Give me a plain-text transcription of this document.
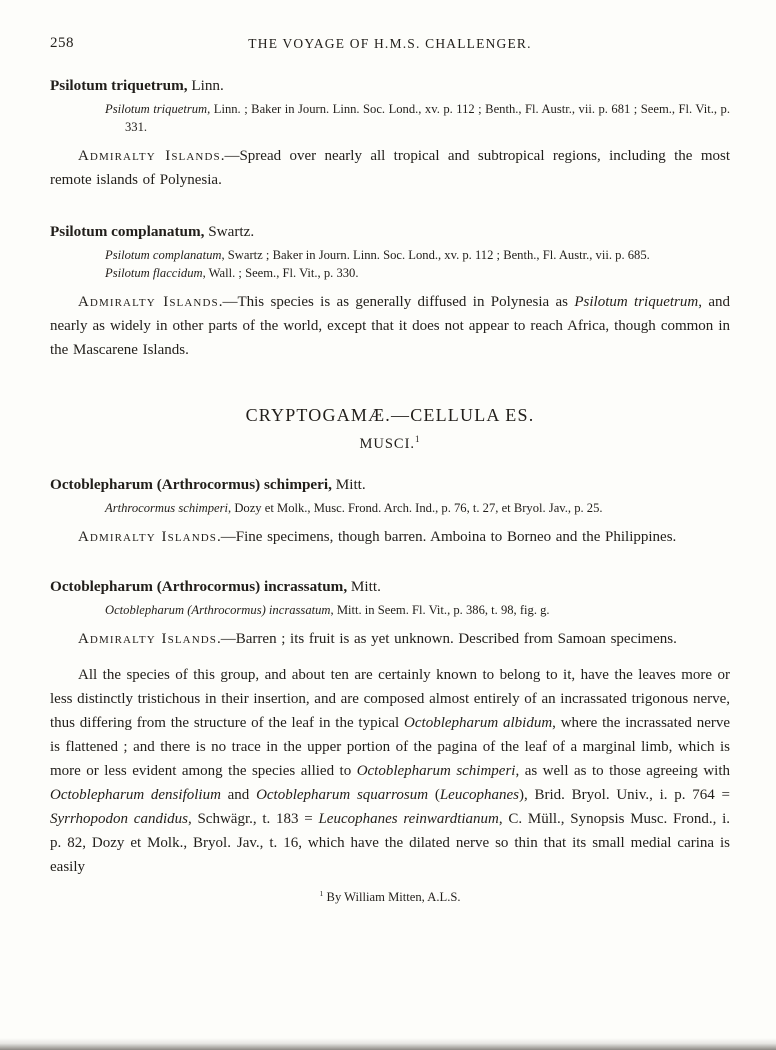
258	THE VOYAGE OF H.M.S. CHALLENGER.
Psilotum triquetrum, Linn.

Psilotum triquetrum, Linn. ; Baker in Journ. Linn. Soc. Lond., xv. p. 112 ; Benth., Fl. Austr., vii. p. 681 ; Seem., Fl. Vit., p. 331.

Admiralty Islands.—Spread over nearly all tropical and subtropical regions, including the most remote islands of Polynesia.

Psilotum complanatum, Swartz.

Psilotum complanatum, Swartz ; Baker in Journ. Linn. Soc. Lond., xv. p. 112 ; Benth., Fl. Austr., vii. p. 685.

Psilotum flaccidum, Wall. ; Seem., Fl. Vit., p. 330.

Admiralty Islands.—This species is as generally diffused in Polynesia as Psilotum triquetrum, and nearly as widely in other parts of the world, except that it does not appear to reach Africa, though common in the Mascarene Islands.

CRYPTOGAMÆ.—CELLULA ES.
MUSCI.$^1$
Octoblepharum (Arthrocormus) schimperi, Mitt.

Arthrocormus schimperi, Dozy et Molk., Musc. Frond. Arch. Ind., p. 76, t. 27, et Bryol. Jav., p. 25.

Admiralty Islands.—Fine specimens, though barren. Amboina to Borneo and the Philippines.

Octoblepharum (Arthrocormus) incrassatum, Mitt.

Octoblepharum (Arthrocormus) incrassatum, Mitt. in Seem. Fl. Vit., p. 386, t. 98, fig. g.

Admiralty Islands.—Barren ; its fruit is as yet unknown. Described from Samoan specimens.

All the species of this group, and about ten are certainly known to belong to it, have the leaves more or less distinctly tristichous in their insertion, and are composed almost entirely of an incrassated trigonous nerve, thus differing from the structure of the leaf in the typical Octoblepharum albidum, where the incrassated nerve is flattened ; and there is no trace in the upper portion of the pagina of the leaf of a marginal limb, which is more or less evident among the species allied to Octoblepharum schimperi, as well as to those agreeing with Octoblepharum densifolium and Octoblepharum squarrosum (Leucophanes), Brid. Bryol. Univ., i. p. 764 = Syrrhopodon candidus, Schwägr., t. 183 = Leucophanes reinwardtianum, C. Müll., Synopsis Musc. Frond., i. p. 82, Dozy et Molk., Bryol. Jav., t. 16, which have the dilated nerve so thin that its small medial carina is easily

$^1$ By William Mitten, A.L.S.
